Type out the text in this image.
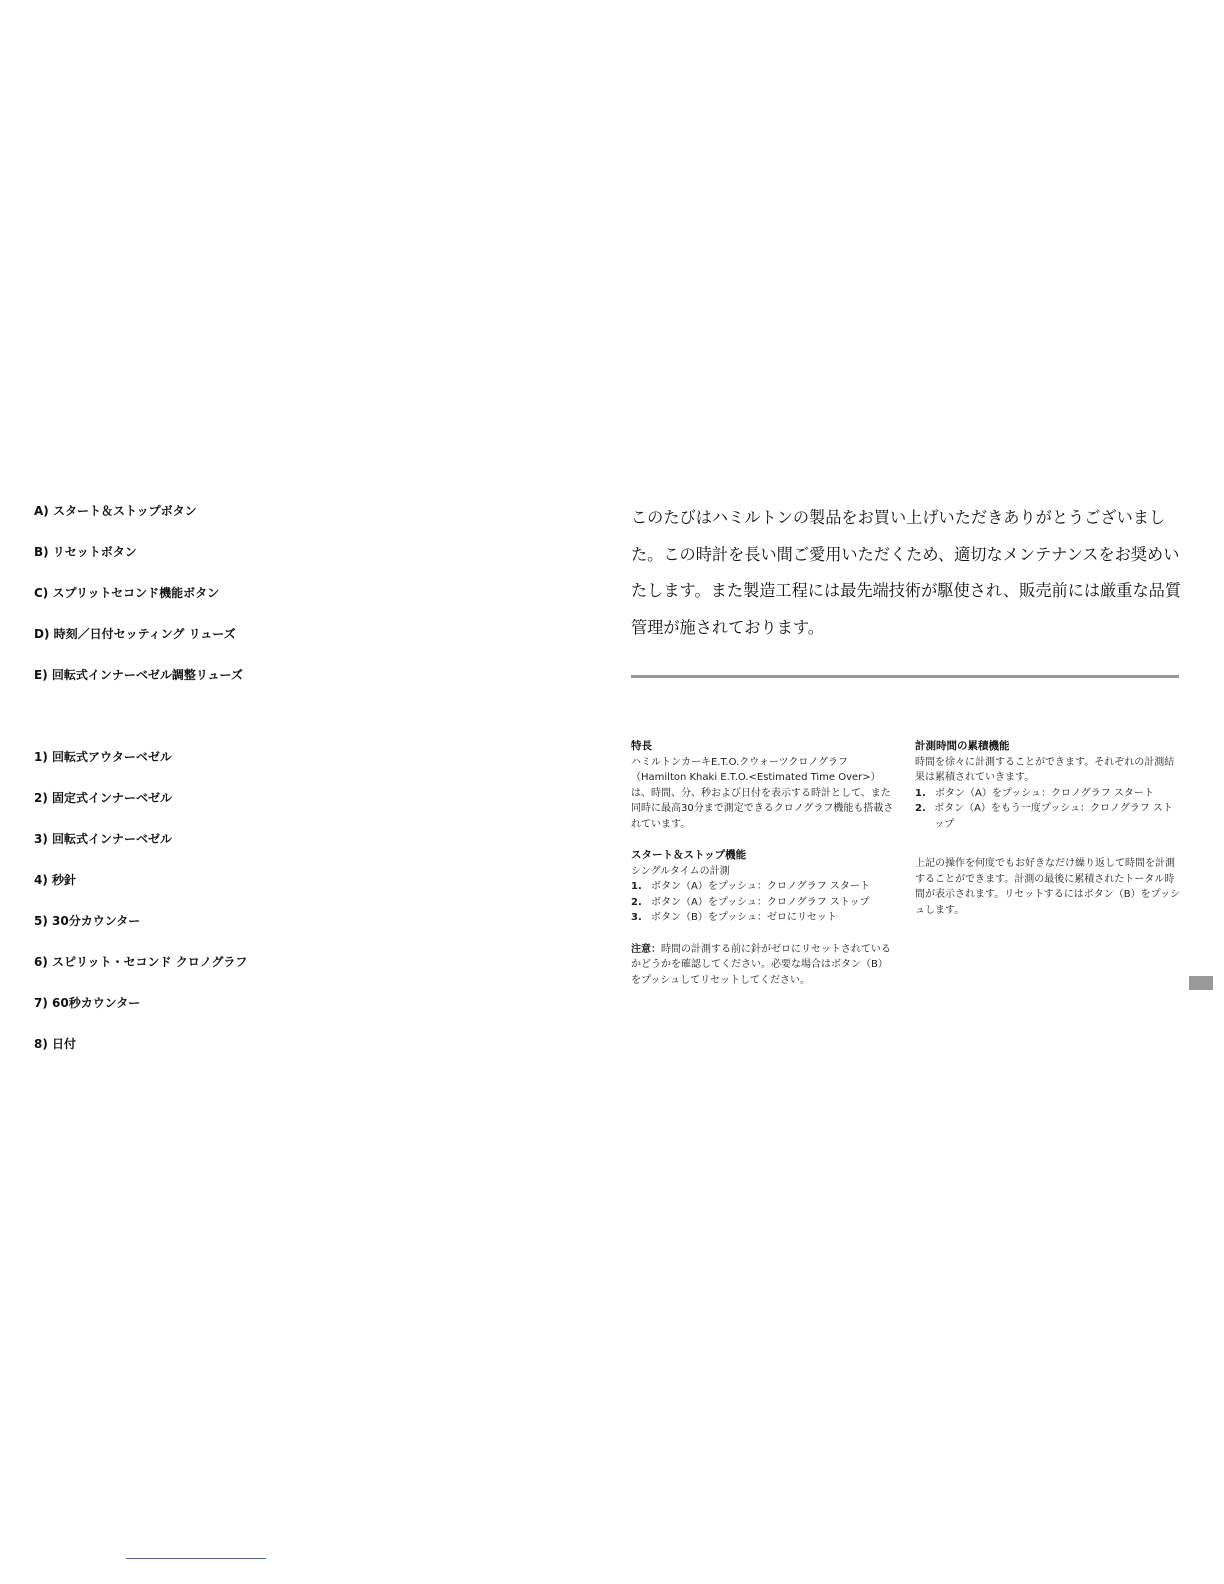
A) スタート＆ストップボタン
B) リセットボタン
C) スプリットセコンド機能ボタン
D) 時刻／日付セッティング リューズ
E) 回転式インナーベゼル調整リューズ
1) 回転式アウターベゼル
2) 固定式インナーベゼル
3) 回転式インナーベゼル
4) 秒針
5) 30分カウンター
6) スピリット・セコンド クロノグラフ
7) 60秒カウンター
8) 日付

このたびはハミルトンの製品をお買い上げいただきありがとうございました。この時計を長い間ご愛用いただくため、適切なメンテナンスをお奨めいたします。また製造工程には最先端技術が駆使され、販売前には厳重な品質管理が施されております。

特長

ハミルトンカーキE.T.O.クウォーツクロノグラフ（Hamilton Khaki E.T.O.<Estimated Time Over>）は、時間、分、秒および日付を表示する時計として、また同時に最高30分まで測定できるクロノグラフ機能も搭載されています。

スタート＆ストップ機能

シングルタイムの計測

1. ボタン（A）をプッシュ：クロノグラフ スタート
2. ボタン（A）をプッシュ：クロノグラフ ストップ
3. ボタン（B）をプッシュ：ゼロにリセット

注意：時間の計測する前に針がゼロにリセットされているかどうかを確認してください。必要な場合はボタン（B）をプッシュしてリセットしてください。

計測時間の累積機能

時間を徐々に計測することができます。それぞれの計測結果は累積されていきます。

1. ボタン（A）をプッシュ：クロノグラフ スタート
2. ボタン（A）をもう一度プッシュ：クロノグラフ ストップ

上記の操作を何度でもお好きなだけ繰り返して時間を計測することができます。計測の最後に累積されたトータル時間が表示されます。リセットするにはボタン（B）をプッシュします。
